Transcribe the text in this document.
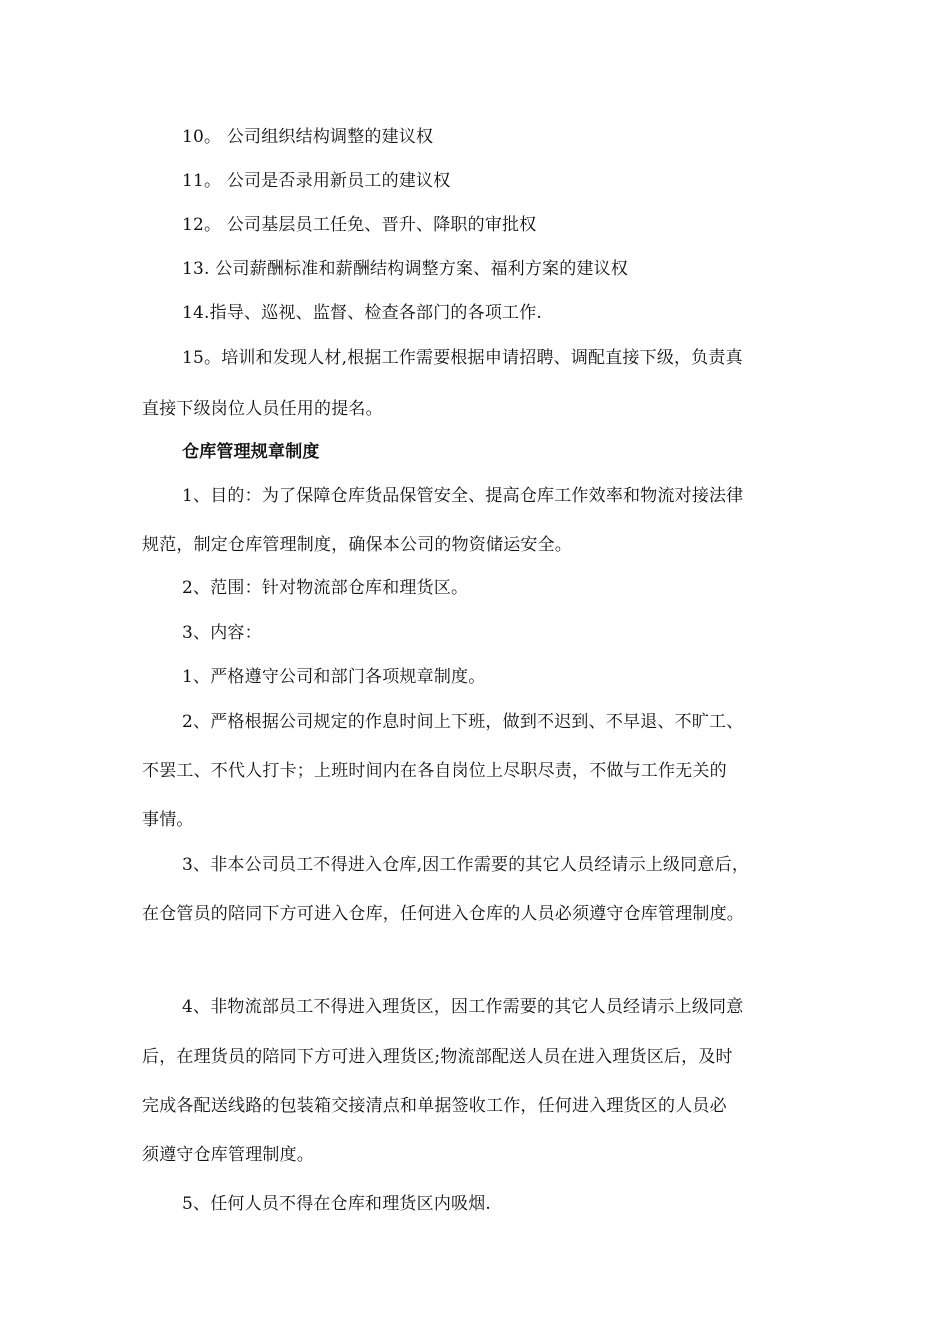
10。 公司组织结构调整的建议权
11。 公司是否录用新员工的建议权
12。 公司基层员工任免、晋升、降职的审批权
13. 公司薪酬标准和薪酬结构调整方案、福利方案的建议权
14.指导、巡视、监督、检查各部门的各项工作.
15。培训和发现人材,根据工作需要根据申请招聘、调配直接下级，负责真
直接下级岗位人员任用的提名。
仓库管理规章制度
1、目的：为了保障仓库货品保管安全、提高仓库工作效率和物流对接法律
规范，制定仓库管理制度，确保本公司的物资储运安全。
2、范围：针对物流部仓库和理货区。
3、内容：
1、严格遵守公司和部门各项规章制度。
2、严格根据公司规定的作息时间上下班，做到不迟到、不早退、不旷工、
不罢工、不代人打卡；上班时间内在各自岗位上尽职尽责，不做与工作无关的
事情。
3、非本公司员工不得进入仓库,因工作需要的其它人员经请示上级同意后，
在仓管员的陪同下方可进入仓库，任何进入仓库的人员必须遵守仓库管理制度。
4、非物流部员工不得进入理货区，因工作需要的其它人员经请示上级同意
后，在理货员的陪同下方可进入理货区;物流部配送人员在进入理货区后，及时
完成各配送线路的包装箱交接清点和单据签收工作，任何进入理货区的人员必
须遵守仓库管理制度。
5、任何人员不得在仓库和理货区内吸烟.
